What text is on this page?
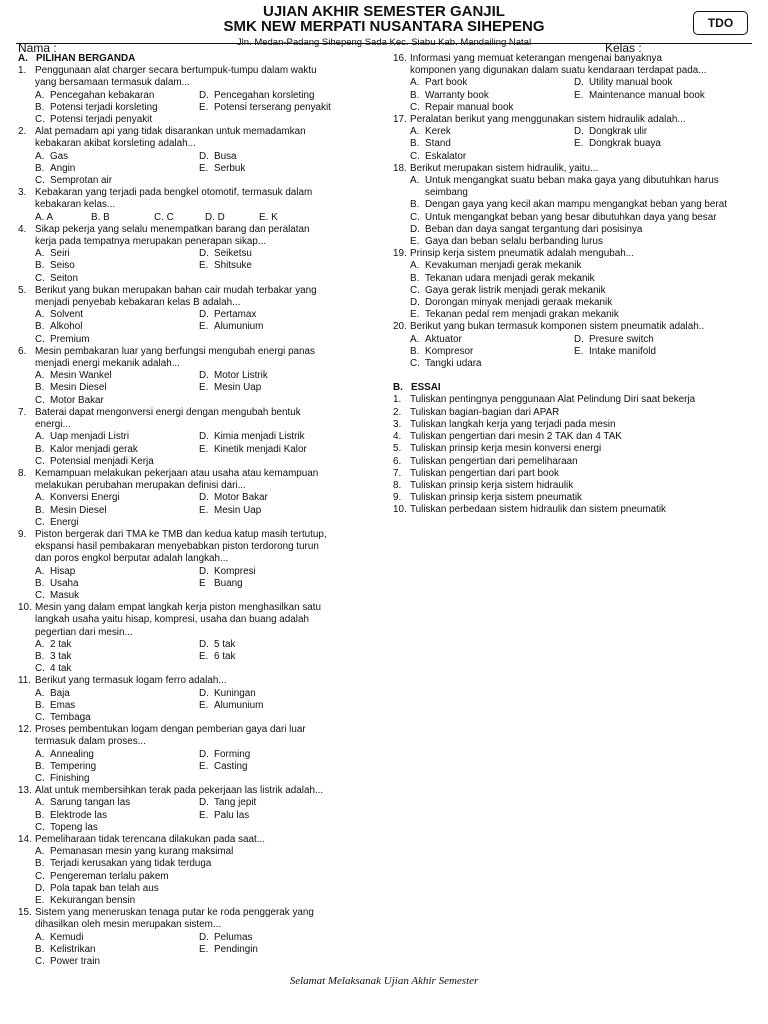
UJIAN AKHIR SEMESTER GANJIL
SMK NEW MERPATI NUSANTARA SIHEPENG
Jln. Medan-Padang Sihepeng Sada Kec. Siabu Kab. Mandailing Natal
TDO
Nama :	Kelas :
A. PILIHAN BERGANDA
1. Penggunaan alat charger secara bertumpuk-tumpu dalam waktu
yang bersamaan termasuk dalam...
A. Pencegahan kebakaran	D. Pencegahan korsleting
B. Potensi terjadi korsleting	E. Potensi terserang penyakit
C. Potensi terjadi penyakit
2. Alat pemadam api yang tidak disarankan untuk memadamkan
kebakaran akibat korsleting adalah...
A. Gas	D. Busa
B. Angin	E. Serbuk
C. Semprotan air
3. Kebakaran yang terjadi pada bengkel otomotif, termasuk dalam
kebakaran kelas...
A. A	B. B	C. C	D. D	E. K
4. Sikap pekerja yang selalu menempatkan barang dan peralatan
kerja pada tempatnya merupakan penerapan sikap...
A. Seiri	D. Seiketsu
B. Seiso	E. Shitsuke
C. Seiton
5. Berikut yang bukan merupakan bahan cair mudah terbakar yang
menjadi penyebab kebakaran kelas B adalah...
A. Solvent	D. Pertamax
B. Alkohol	E. Alumunium
C. Premium
6. Mesin pembakaran luar yang berfungsi mengubah energi panas
menjadi energi mekanik adalah...
A. Mesin Wankel	D. Motor Listrik
B. Mesin Diesel	E. Mesin Uap
C. Motor Bakar
7. Baterai dapat mengonversi energi dengan mengubah bentuk
energi...
A. Uap menjadi Listri	D. Kimia menjadi Listrik
B. Kalor menjadi gerak	E. Kinetik menjadi Kalor
C. Potensial menjadi Kerja
8. Kemampuan melakukan pekerjaan atau usaha atau kemampuan
melakukan perubahan merupakan definisi dari...
A. Konversi Energi	D. Motor Bakar
B. Mesin Diesel	E. Mesin Uap
C. Energi
9. Piston bergerak dari TMA ke TMB dan kedua katup masih tertutup,
ekspansi hasil pembakaran menyebabkan piston terdorong turun
dan poros engkol berputar adalah langkah...
A. Hisap	D. Kompresi
B. Usaha	E Buang
C. Masuk
10. Mesin yang dalam empat langkah kerja piston menghasilkan satu
langkah usaha yaitu hisap, kompresi, usaha dan buang adalah
pegertian dari mesin...
A. 2 tak	D. 5 tak
B. 3 tak	E. 6 tak
C. 4 tak
11. Berikut yang termasuk logam ferro adalah...
A. Baja	D. Kuningan
B. Emas	E. Alumunium
C. Tembaga
12. Proses pembentukan logam dengan pemberian gaya dari luar
termasuk dalam proses...
A. Annealing	D. Forming
B. Tempering	E. Casting
C. Finishing
13. Alat untuk membersihkan terak pada pekerjaan las listrik adalah...
A. Sarung tangan las	D. Tang jepit
B. Elektrode las	E. Palu las
C. Topeng las
14. Pemeliharaan tidak terencana dilakukan pada saat...
A. Pemanasan mesin yang kurang maksimal
B. Terjadi kerusakan yang tidak terduga
C. Pengereman terlalu pakem
D. Pola tapak ban telah aus
E. Kekurangan bensin
15. Sistem yang meneruskan tenaga putar ke roda penggerak yang
dihasilkan oleh mesin merupakan sistem...
A. Kemudi	D. Pelumas
B. Kelistrikan	E. Pendingin
C. Power train
16. Informasi yang memuat keterangan mengenai banyaknya
komponen yang digunakan dalam suatu kendaraan terdapat pada...
A. Part book	D. Utility manual book
B. Warranty book	E. Maintenance manual book
C. Repair manual book
17. Peralatan berikut yang menggunakan sistem hidraulik adalah...
A. Kerek	D. Dongkrak ulir
B. Stand	E. Dongkrak buaya
C. Eskalator
18. Berikut merupakan sistem hidraulik, yaitu...
A. Untuk mengangkat suatu beban maka gaya yang dibutuhkan harus seimbang
B. Dengan gaya yang kecil akan mampu mengangkat beban yang berat
C. Untuk mengangkat beban yang besar dibutuhkan daya yang besar
D. Beban dan daya sangat tergantung dari posisinya
E. Gaya dan beban selalu berbanding lurus
19. Prinsip kerja sistem pneumatik adalah mengubah...
A. Kevakuman menjadi gerak mekanik
B. Tekanan udara menjadi gerak mekanik
C. Gaya gerak listrik menjadi gerak mekanik
D. Dorongan minyak menjadi geraak mekanik
E. Tekanan pedal rem menjadi grakan mekanik
20. Berikut yang bukan termasuk komponen sistem pneumatik adalah..
A. Aktuator	D. Presure switch
B. Kompresor	E. Intake manifold
C. Tangki udara
B. ESSAI
1. Tuliskan pentingnya penggunaan Alat Pelindung Diri saat bekerja
2. Tuliskan bagian-bagian dari APAR
3. Tuliskan langkah kerja yang terjadi pada mesin
4. Tuliskan pengertian dari mesin 2 TAK dan 4 TAK
5. Tuliskan prinsip kerja mesin konversi energi
6. Tuliskan pengertian dari pemeliharaan
7. Tuliskan pengertian dari part book
8. Tuliskan prinsip kerja sistem hidraulik
9. Tuliskan prinsip kerja sistem pneumatik
10. Tuliskan perbedaan sistem hidraulik dan sistem pneumatik
Selamat Melaksanak Ujian Akhir Semester
